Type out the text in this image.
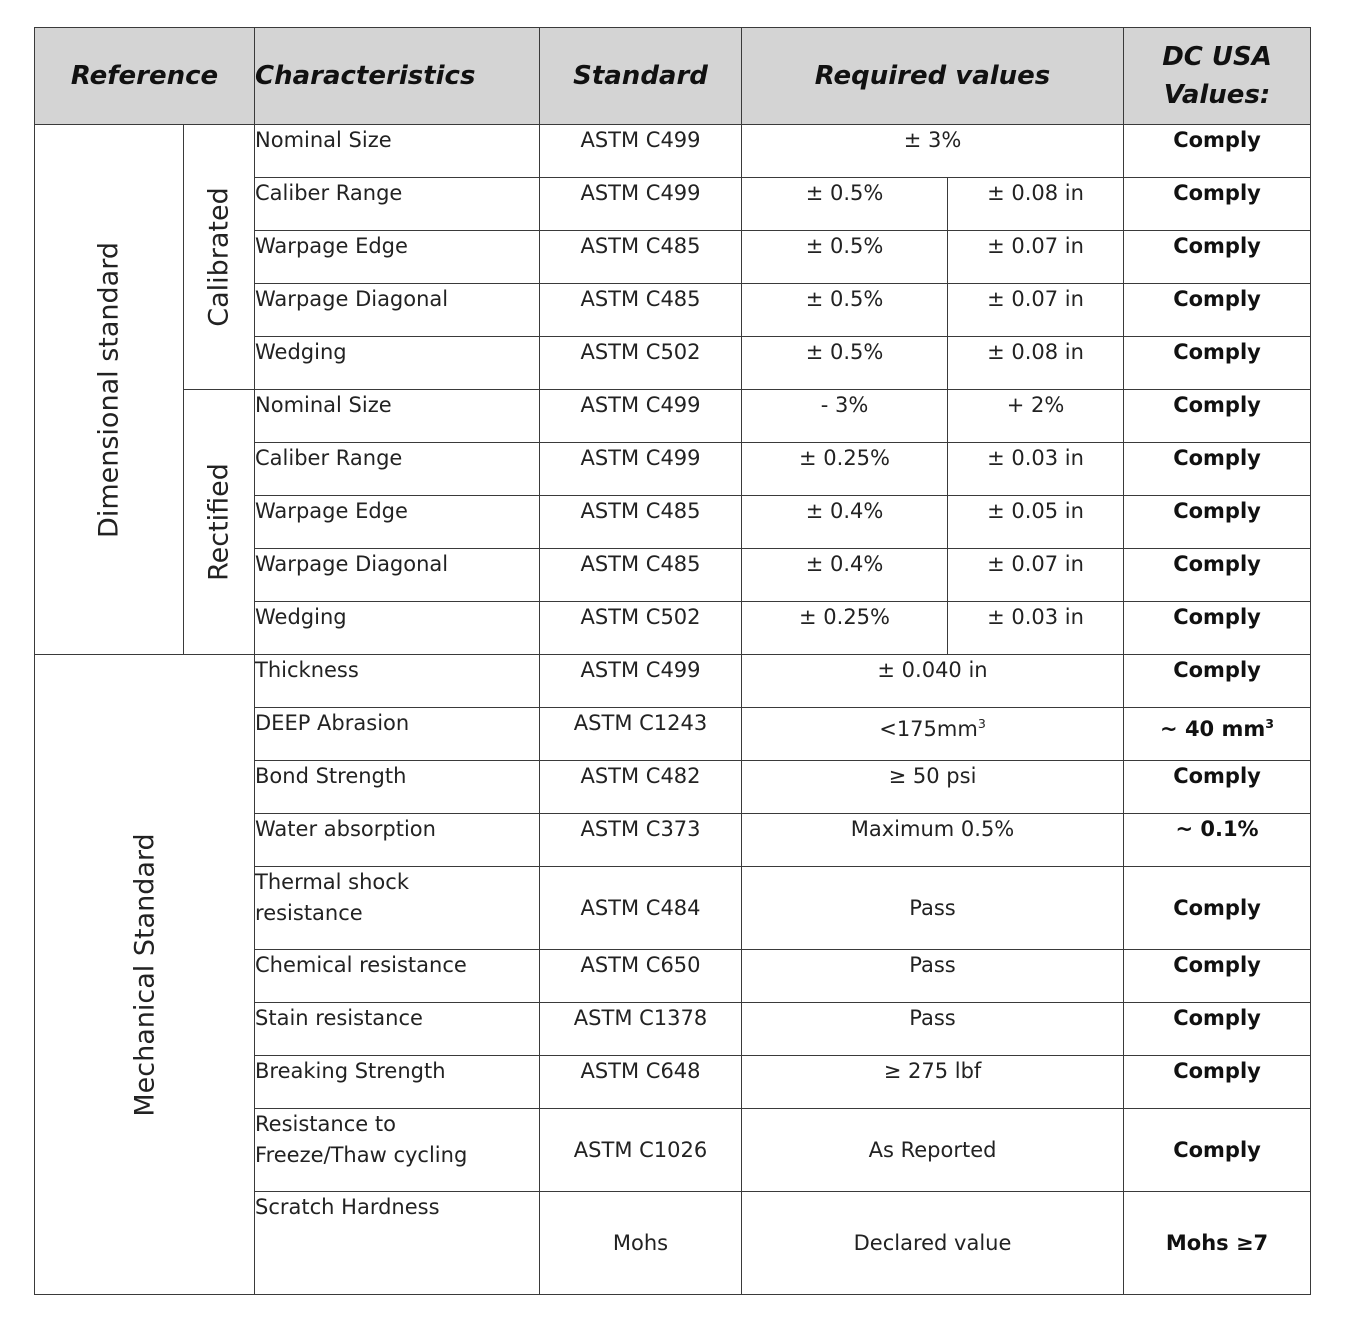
Reference		Characteristics	Standard	Required values		DC USA
Values:

Dimensional standard	Calibrated	Nominal Size	ASTM C499	± 3%		Comply
		Caliber Range	ASTM C499	± 0.5%	± 0.08 in	Comply
		Warpage Edge	ASTM C485	± 0.5%	± 0.07 in	Comply
		Warpage Diagonal	ASTM C485	± 0.5%	± 0.07 in	Comply
		Wedging	ASTM C502	± 0.5%	± 0.08 in	Comply

	Rectified	Nominal Size	ASTM C499	- 3%	+ 2%	Comply
		Caliber Range	ASTM C499	± 0.25%	± 0.03 in	Comply
		Warpage Edge	ASTM C485	± 0.4%	± 0.05 in	Comply
		Warpage Diagonal	ASTM C485	± 0.4%	± 0.07 in	Comply
		Wedging	ASTM C502	± 0.25%	± 0.03 in	Comply

Mechanical Standard		Thickness	ASTM C499	± 0.040 in		Comply
		DEEP Abrasion	ASTM C1243	$<175mm^3$		~ 40 $mm^3$
		Bond Strength	ASTM C482	≥ 50 psi		Comply
		Water absorption	ASTM C373	Maximum 0.5%		~ 0.1%
		Thermal shock
resistance	ASTM C484	Pass		Comply
		Chemical resistance	ASTM C650	Pass		Comply
		Stain resistance	ASTM C1378	Pass		Comply
		Breaking Strength	ASTM C648	≥ 275 lbf		Comply
		Resistance to
Freeze/Thaw cycling	ASTM C1026	As Reported		Comply
		Scratch Hardness	Mohs	Declared value		Mohs ≥7
